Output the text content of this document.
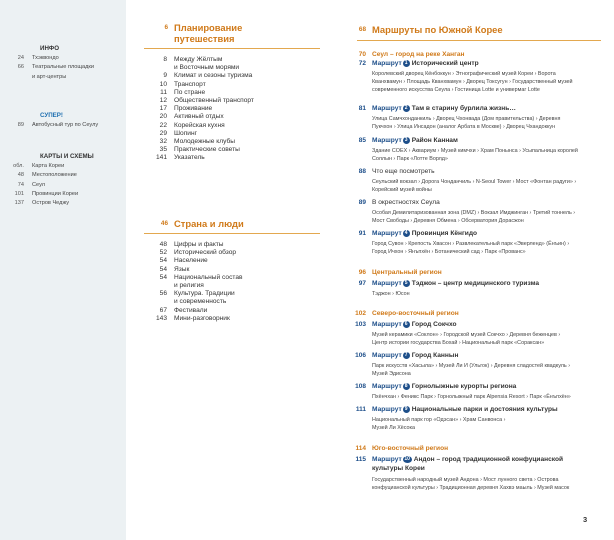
ИНФО
24	Тхэквондо
66	Театральные площадки
и арт-центры
СУПЕР!
89	Автобусный тур по Сеулу
КАРТЫ И СХЕМЫ
обл.	Карта Кореи
48	Местоположение
74	Сеул
101	Провинции Кореи
137	Остров Чеджу
6 Планирование
путешествия
8	Между Жёлтым
и Восточным морями
9	Климат и сезоны туризма
10	Транспорт
11	По стране
12	Общественный транспорт
17	Проживание
20	Активный отдых
22	Корейская кухня
29	Шопинг
32	Молодежные клубы
35	Практические советы
141	Указатель
46 Страна и люди
48	Цифры и факты
52	Исторический обзор
54	Население
54	Язык
54	Национальный состав
и религия
56	Культура. Традиции
и современность
67	Фестивали
143	Мини-разговорник
68 Маршруты по Южной Корее
70 Сеул – город на реке Ханган
72 Маршрут 1 Исторический центр
Королевский дворец Кёнбоккун › Этнографический музей Кореи › Ворота
Кванхвамун › Площадь Кванхвамун › Дворец Токсугун › Государственный музей
современного искусства Сеула › Гостиница Lotte и универмаг Lotte
81 Маршрут 2 Там в старину бурлила жизнь…
Улица Самчхонданкиль › Дворец Чхонвада (Дом правительства) › Деревня
Пукчхон › Улица Инсадон (аналог Арбата в Москве) › Дворец Чхандоккун
85 Маршрут 3 Район Каннам
Здание COEX › Аквариум › Музей кимчхи › Храм Понынса › Усыпальница королей
Соллын › Парк «Лотте Ворлд»
88 Что еще посмотреть
Сеульский вокзал › Дорога Чонданчиль › N-Seoul Tower › Мост «Фонтан радуги» ›
Корейский музей войны
89 В окрестностях Сеула
Особая Демилитаризованная зона (DMZ) › Вокзал Имджинган › Третий тоннель ›
Мост Свободы › Деревня Обмена › Обсерватория Дорасжон
91 Маршрут 4 Провинция Кёнгидо
Город Сувон › Крепость Хвасон › Развлекательный парк «Эверленд» (Ёнъин) ›
Город Ичхон › Янъпхён › Ботанический сад › Парк «Прованс»
96 Центральный регион
97 Маршрут 5 Тэджон – центр медицинского туризма
Тэджон › Юсон
102 Северо-восточный регион
103 Маршрут 6 Город Сокчхо
Музей керамики «Соклон» › Городской музей Сокчхо › Деревня беженцев ›
Центр истории государства Бохай › Национальный парк «Сораксан»
106 Маршрут 7 Город Каннын
Парк искусств «Хасыла» › Музей Ли И (Ульгок) › Деревня сладостей квадкуль ›
Музей Эдисона
108 Маршрут 8 Горнолыжные курорты региона
Пхёнчхан › Феникс Парк › Горнолыжный парк Alpensia Resort › Парк «Ёнъпхён»
111 Маршрут 9 Национальные парки и достояния культуры
Национальный парк гор «Одэсан» › Храм Санвонса ›
Музей Ли Хёсока
114 Юго-восточный регион
115 Маршрут 10 Андон – город традиционной конфуцианской
культуры Кореи
Государственный народный музей Андона › Мост лунного света › Острова
конфуцианской культуры › Традиционная деревня Хахвэ маыль › Музей масок
3
